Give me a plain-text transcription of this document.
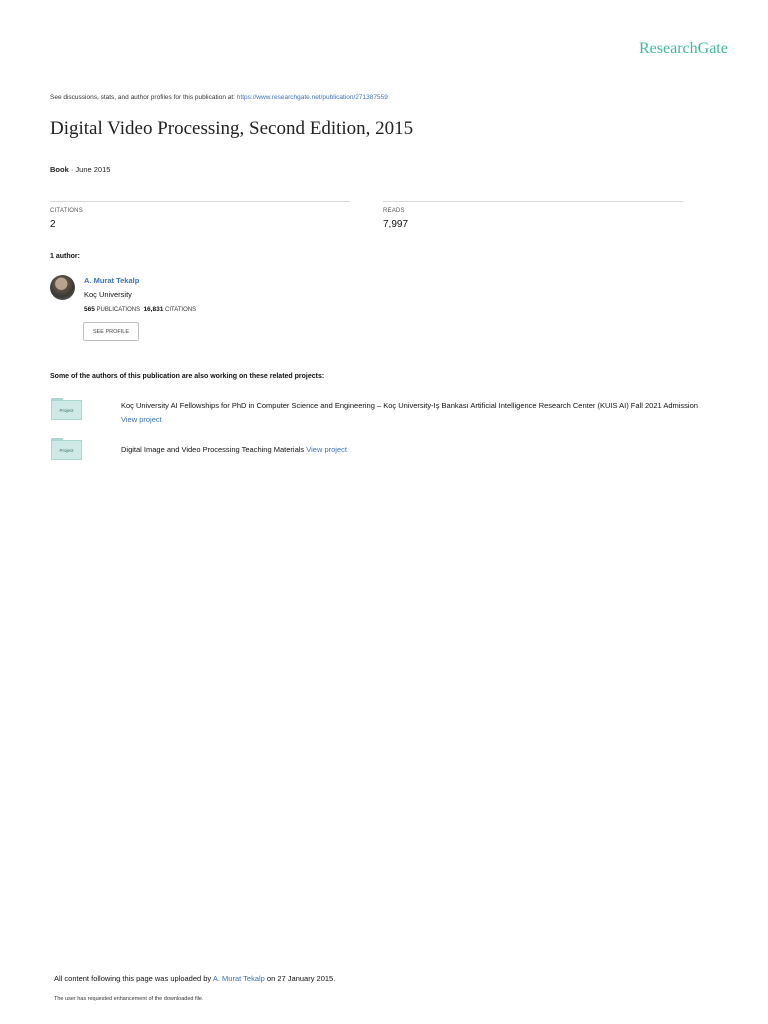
ResearchGate
See discussions, stats, and author profiles for this publication at: https://www.researchgate.net/publication/271387559
Digital Video Processing, Second Edition, 2015
Book · June 2015
CITATIONS
2
READS
7,997
1 author:
A. Murat Tekalp
Koç University
565 PUBLICATIONS 16,831 CITATIONS
SEE PROFILE
Some of the authors of this publication are also working on these related projects:
Project	Koç University AI Fellowships for PhD in Computer Science and Engineering – Koç University-Iş Bankası Artificial Intelligence Research Center (KUIS AI) Fall 2021 Admission
View project
Project	Digital Image and Video Processing Teaching Materials View project
All content following this page was uploaded by A. Murat Tekalp on 27 January 2015.
The user has requested enhancement of the downloaded file.
